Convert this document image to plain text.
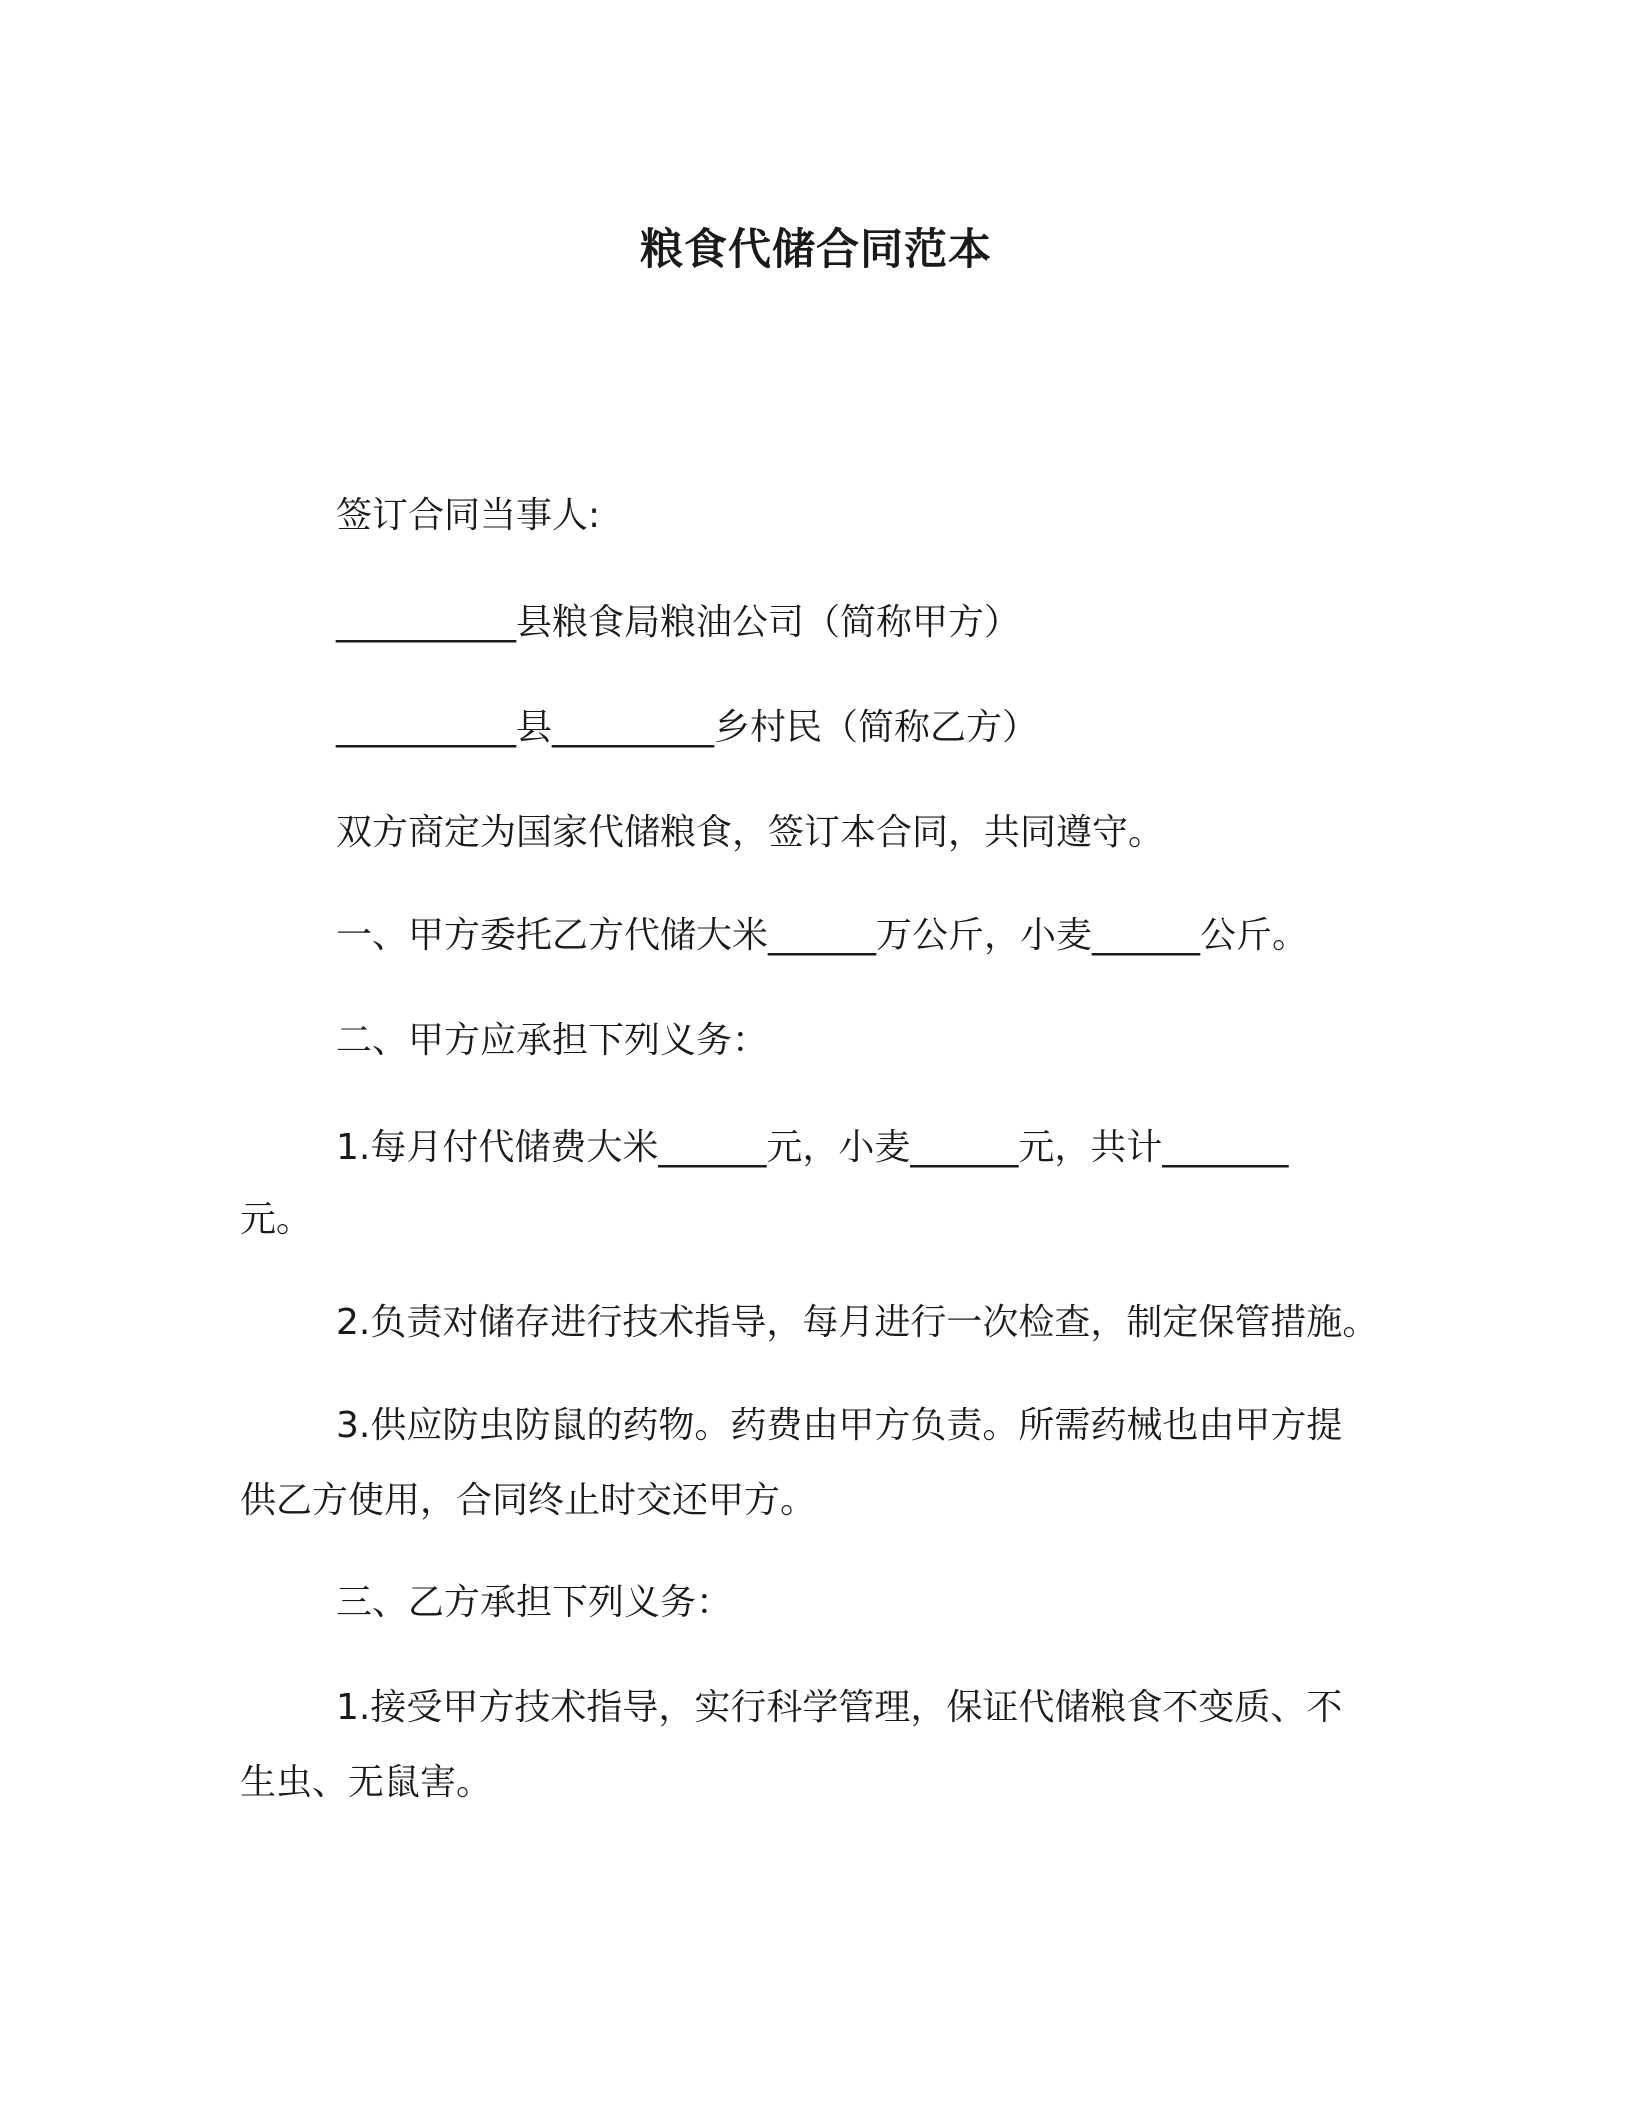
粮食代储合同范本
签订合同当事人:
__________县粮食局粮油公司（简称甲方）
__________县_________乡村民（简称乙方）
双方商定为国家代储粮食，签订本合同，共同遵守。
一、甲方委托乙方代储大米______万公斤，小麦______公斤。
二、甲方应承担下列义务：
1.每月付代储费大米______元，小麦______元，共计_______
元。
2.负责对储存进行技术指导，每月进行一次检查，制定保管措施。
3.供应防虫防鼠的药物。药费由甲方负责。所需药械也由甲方提
供乙方使用，合同终止时交还甲方。
三、乙方承担下列义务：
1.接受甲方技术指导，实行科学管理，保证代储粮食不变质、不
生虫、无鼠害。
